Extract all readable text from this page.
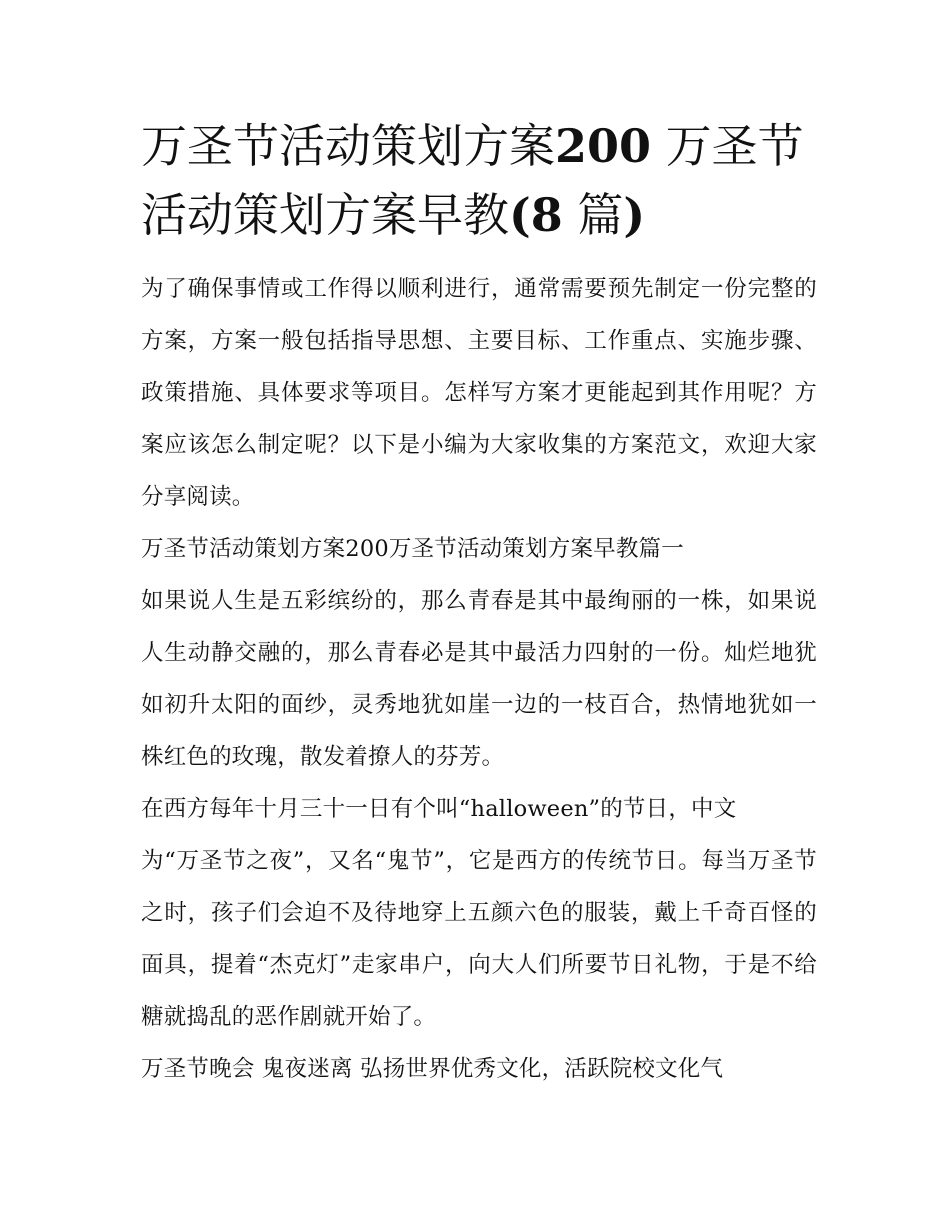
万圣节活动策划方案200 万圣节活动策划方案早教(8 篇)

为了确保事情或工作得以顺利进行，通常需要预先制定一份完整的方案，方案一般包括指导思想、主要目标、工作重点、实施步骤、政策措施、具体要求等项目。怎样写方案才更能起到其作用呢？方案应该怎么制定呢？以下是小编为大家收集的方案范文，欢迎大家分享阅读。

万圣节活动策划方案200万圣节活动策划方案早教篇一

如果说人生是五彩缤纷的，那么青春是其中最绚丽的一株，如果说人生动静交融的，那么青春必是其中最活力四射的一份。灿烂地犹如初升太阳的面纱，灵秀地犹如崖一边的一枝百合，热情地犹如一株红色的玫瑰，散发着撩人的芬芳。

在西方每年十月三十一日有个叫“halloween”的节日，中文

为“万圣节之夜”，又名“鬼节”，它是西方的传统节日。每当万圣节之时，孩子们会迫不及待地穿上五颜六色的服装，戴上千奇百怪的面具，提着“杰克灯”走家串户，向大人们所要节日礼物，于是不给糖就捣乱的恶作剧就开始了。

万圣节晚会 鬼夜迷离 弘扬世界优秀文化，活跃院校文化气
